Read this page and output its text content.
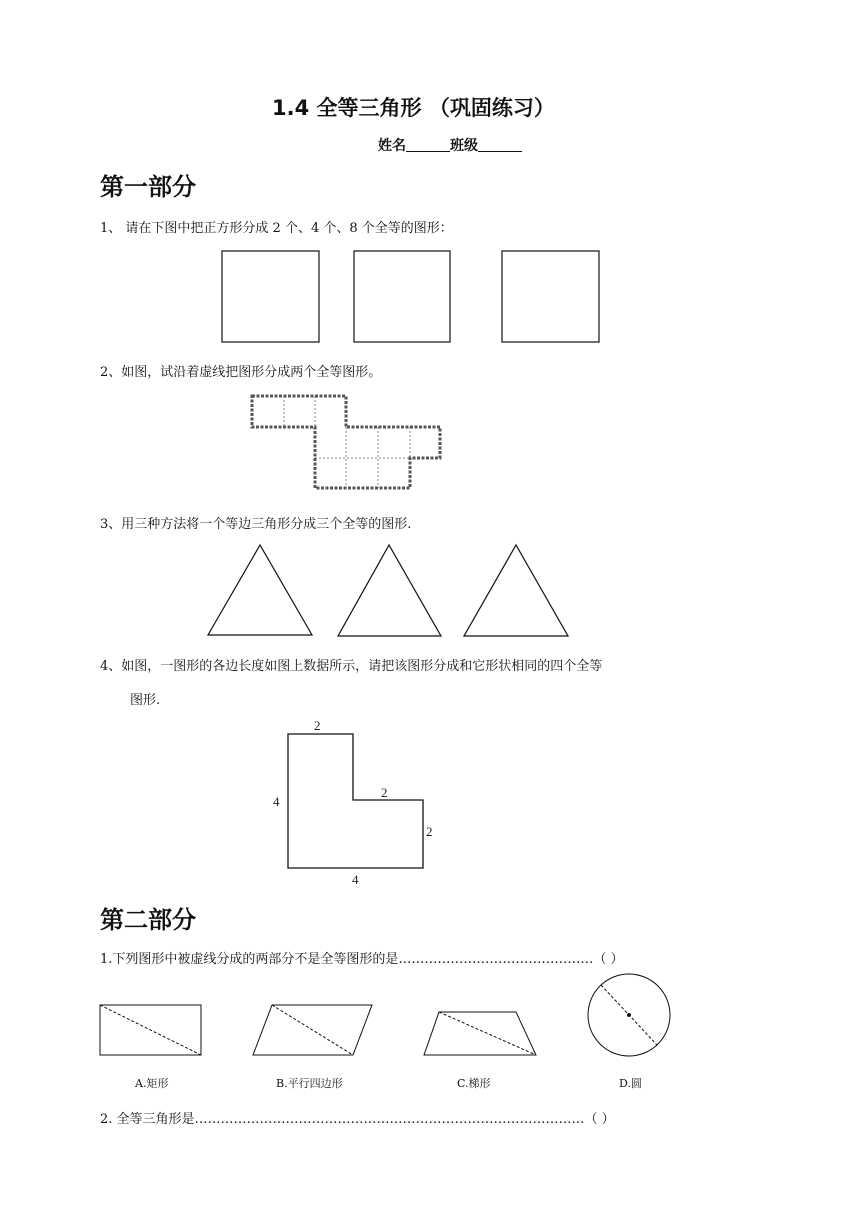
1.4 全等三角形 （巩固练习）
姓名	班级
第一部分
1、 请在下图中把正方形分成 2 个、4 个、8 个全等的图形：
2、如图，试沿着虚线把图形分成两个全等图形。
3、用三种方法将一个等边三角形分成三个全等的图形.
4、如图，一图形的各边长度如图上数据所示，请把该图形分成和它形状相同的四个全等
图形.
第二部分
1.下列图形中被虚线分成的两部分不是全等图形的是………………………………………（ ）
A.矩形	B.平行四边形	C.梯形	D.圆
2. 全等三角形是………………………………………………………………………………（ ）
2
4
2
2
4
